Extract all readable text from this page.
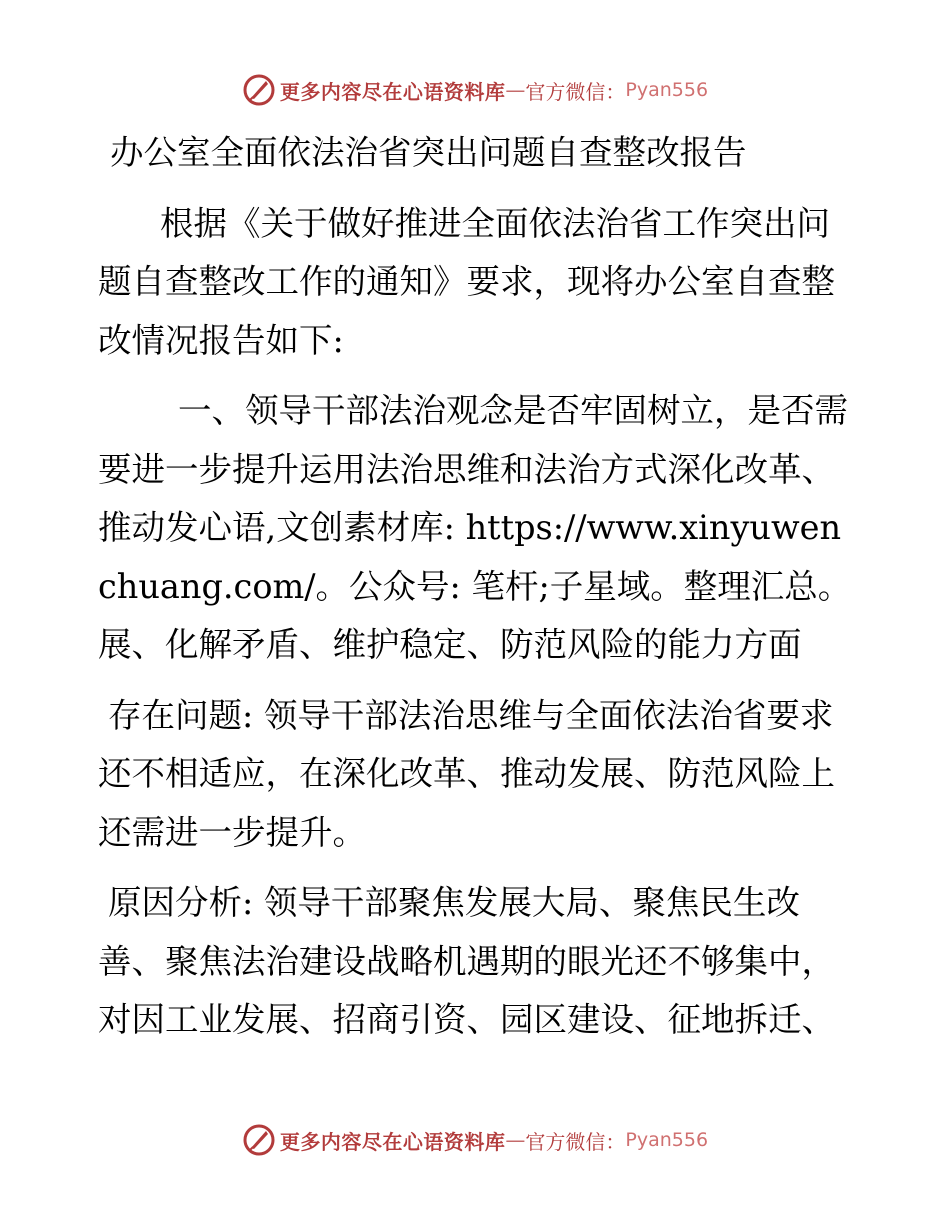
更多内容尽在心语资料库 — 官方微信： Pyan556

办公室全面依法治省突出问题自查整改报告

根据《关于做好推进全面依法治省工作突出问题自查整改工作的通知》要求，现将办公室自查整改情况报告如下:

一、领导干部法治观念是否牢固树立，是否需要进一步提升运用法治思维和法治方式深化改革、推动发心语,文创素材库: https://www.xinyuwenchuang.com/。公众号: 笔杆;子星域。整理汇总。展、化解矛盾、维护稳定、防范风险的能力方面

存在问题: 领导干部法治思维与全面依法治省要求还不相适应，在深化改革、推动发展、防范风险上还需进一步提升。

原因分析: 领导干部聚焦发展大局、聚焦民生改善、聚焦法治建设战略机遇期的眼光还不够集中，对因工业发展、招商引资、园区建设、征地拆迁、

更多内容尽在心语资料库 — 官方微信： Pyan556
